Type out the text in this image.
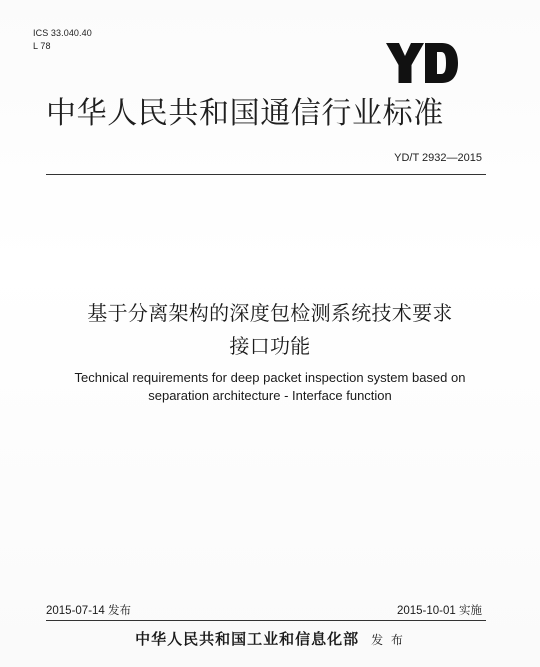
ICS 33.040.40
L 78
中华人民共和国通信行业标准
YD/T 2932—2015
基于分离架构的深度包检测系统技术要求
接口功能
Technical requirements for deep packet inspection system based on
separation architecture - Interface function
2015-07-14 发布	2015-10-01 实施
中华人民共和国工业和信息化部 发 布
